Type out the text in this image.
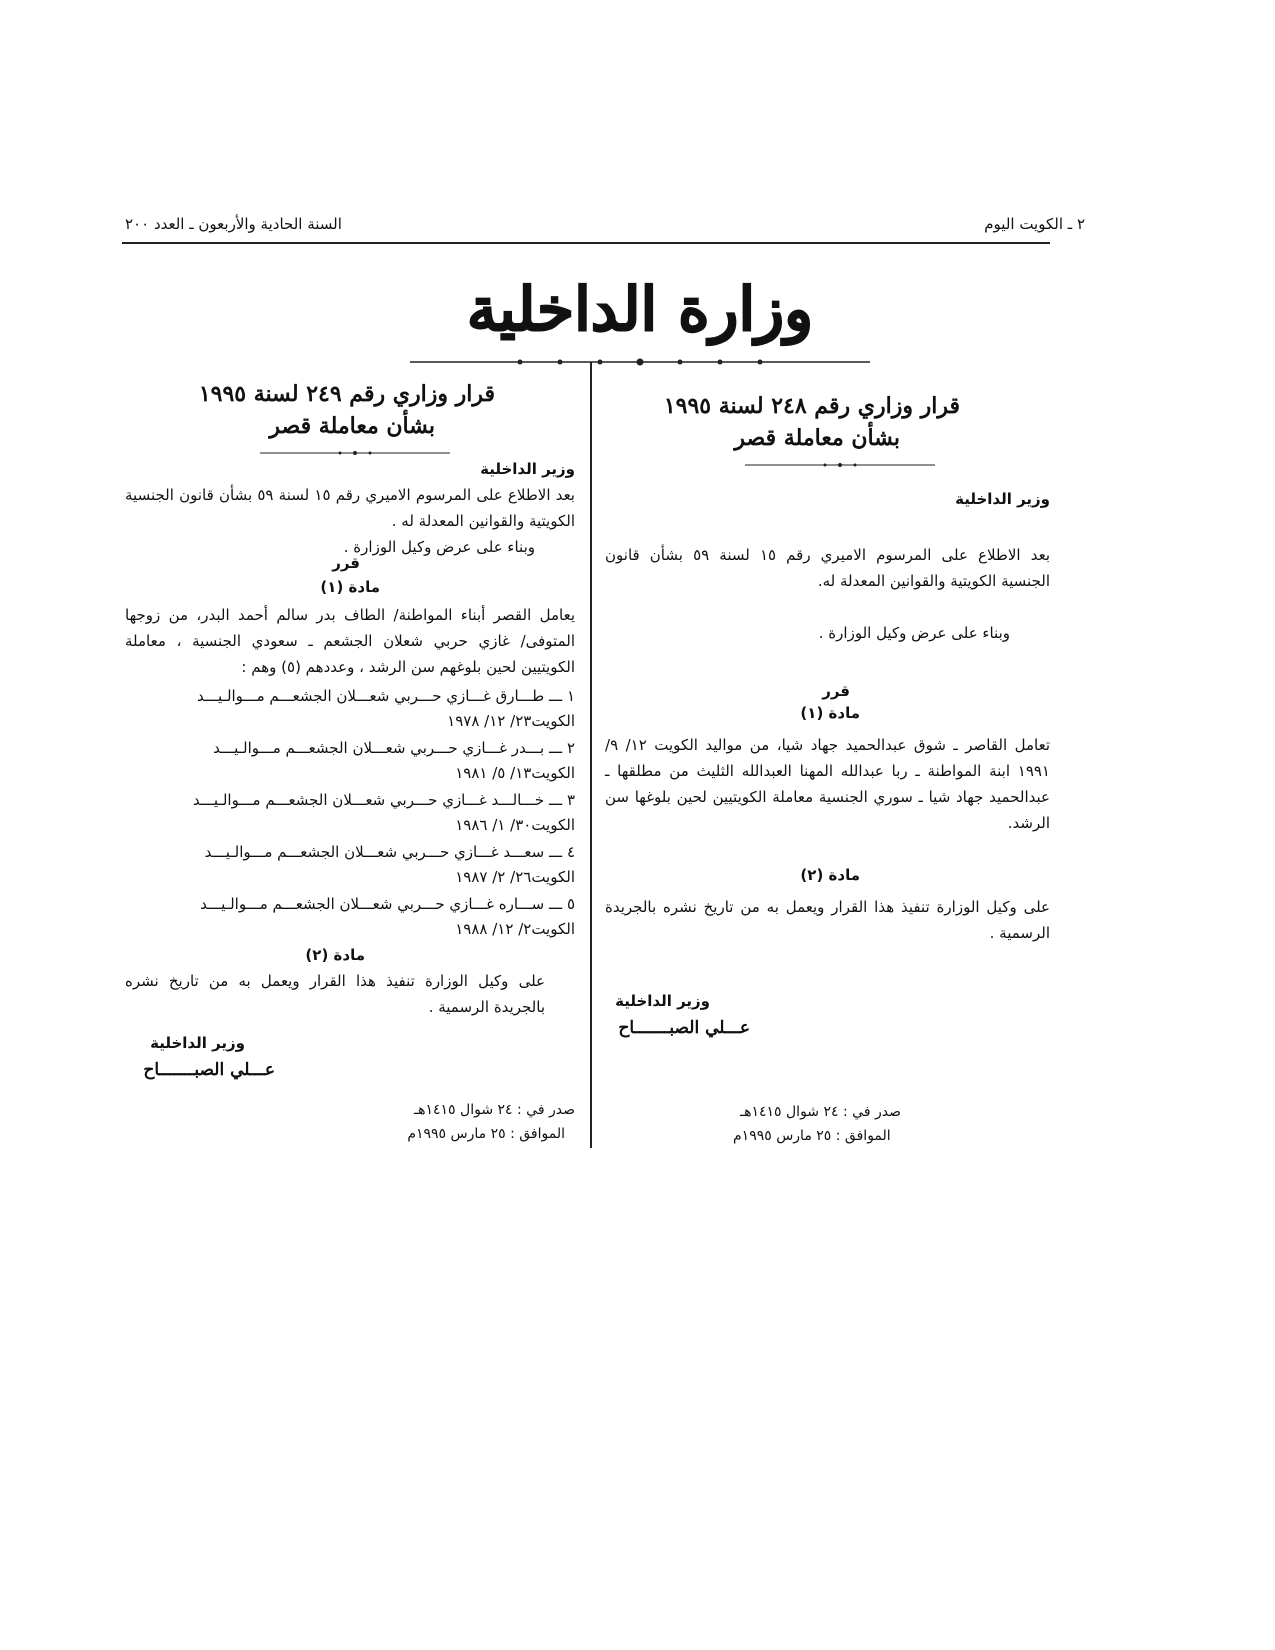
٢ ـ الكويت اليوم
السنة الحادية والأربعون ـ العدد ٢٠٠
وزارة الداخلية
قرار وزاري رقم ٢٤٨ لسنة ١٩٩٥
بشأن معاملة قصر
وزير الداخلية
بعد الاطلاع على المرسوم الاميري رقم ١٥ لسنة ٥٩ بشأن قانون الجنسية الكويتية والقوانين المعدلة له.
وبناء على عرض وكيل الوزارة .
قرر
مادة (١)
تعامل القاصر ـ شوق عبدالحميد جهاد شيا، من مواليد الكويت ١٢/ ٩/ ١٩٩١ ابنة المواطنة ـ ربا عبدالله المهنا العبدالله الثليث من مطلقها ـ عبدالحميد جهاد شيا ـ سوري الجنسية معاملة الكويتيين لحين بلوغها سن الرشد.
مادة (٢)
على وكيل الوزارة تنفيذ هذا القرار ويعمل به من تاريخ نشره بالجريدة الرسمية .
وزير الداخلية
عـــلي الصبـــــــاح
صدر في : ٢٤ شوال ١٤١٥هـ
الموافق : ٢٥ مارس ١٩٩٥م
قرار وزاري رقم ٢٤٩ لسنة ١٩٩٥
بشأن معاملة قصر
وزير الداخلية
بعد الاطلاع على المرسوم الاميري رقم ١٥ لسنة ٥٩ بشأن قانون الجنسية الكويتية والقوانين المعدلة له .
وبناء على عرض وكيل الوزارة .
قرر
مادة (١)
يعامل القصر أبناء المواطنة/ الطاف بدر سالم أحمد البدر، من زوجها المتوفى/ غازي حربي شعلان الجشعم ـ سعودي الجنسية ، معاملة الكويتيين لحين بلوغهم سن الرشد ، وعددهم (٥) وهم :
١ ـــ طـــارق غـــازي حـــربي شعـــلان الجشعـــم مـــوالـيـــد
الكويت٢٣/ ١٢/ ١٩٧٨
٢ ـــ بـــدر غـــازي حـــربي شعـــلان الجشعـــم مـــوالـيـــد
الكويت١٣/ ٥/ ١٩٨١
٣ ـــ خـــالـــد غـــازي حـــربي شعـــلان الجشعـــم مـــوالـيـــد
الكويت٣٠/ ١/ ١٩٨٦
٤ ـــ سعـــد غـــازي حـــربي شعـــلان الجشعـــم مـــوالـيـــد
الكويت٢٦/ ٢/ ١٩٨٧
٥ ـــ ســـاره غـــازي حـــربي شعـــلان الجشعـــم مـــوالـيـــد
الكويت٢/ ١٢/ ١٩٨٨
مادة (٢)
على وكيل الوزارة تنفيذ هذا القرار ويعمل به من تاريخ نشره بالجريدة الرسمية .
وزير الداخلية
عـــلي الصبـــــــاح
صدر في : ٢٤ شوال ١٤١٥هـ
الموافق : ٢٥ مارس ١٩٩٥م
